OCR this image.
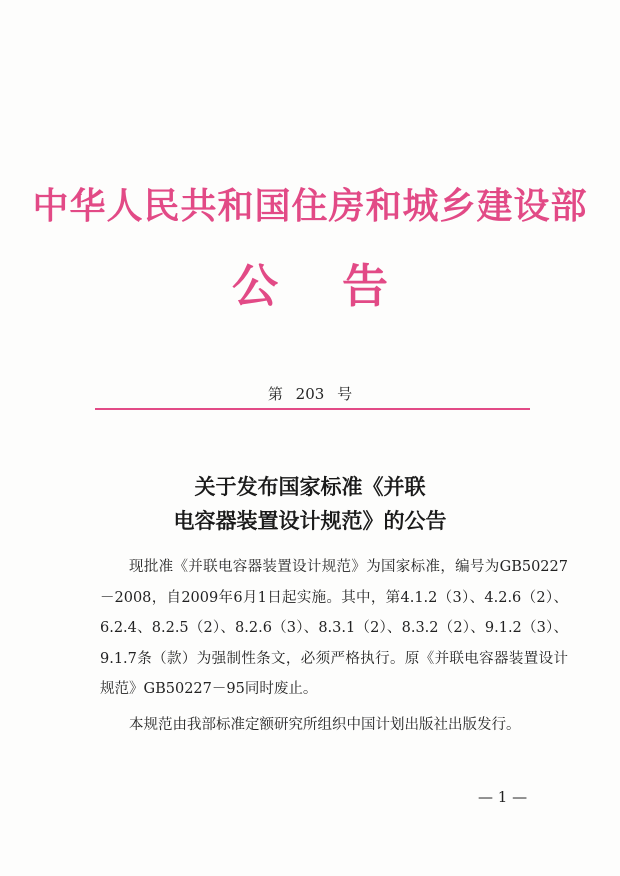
中华人民共和国住房和城乡建设部
公告
第 203 号
关于发布国家标准《并联
电容器装置设计规范》的公告

现批准《并联电容器装置设计规范》为国家标准，编号为GB50227－2008，自2009年6月1日起实施。其中，第4.1.2（3）、4.2.6（2）、6.2.4、8.2.5（2）、8.2.6（3）、8.3.1（2）、8.3.2（2）、9.1.2（3）、9.1.7条（款）为强制性条文，必须严格执行。原《并联电容器装置设计规范》GB50227－95同时废止。

本规范由我部标准定额研究所组织中国计划出版社出版发行。

— 1 —
